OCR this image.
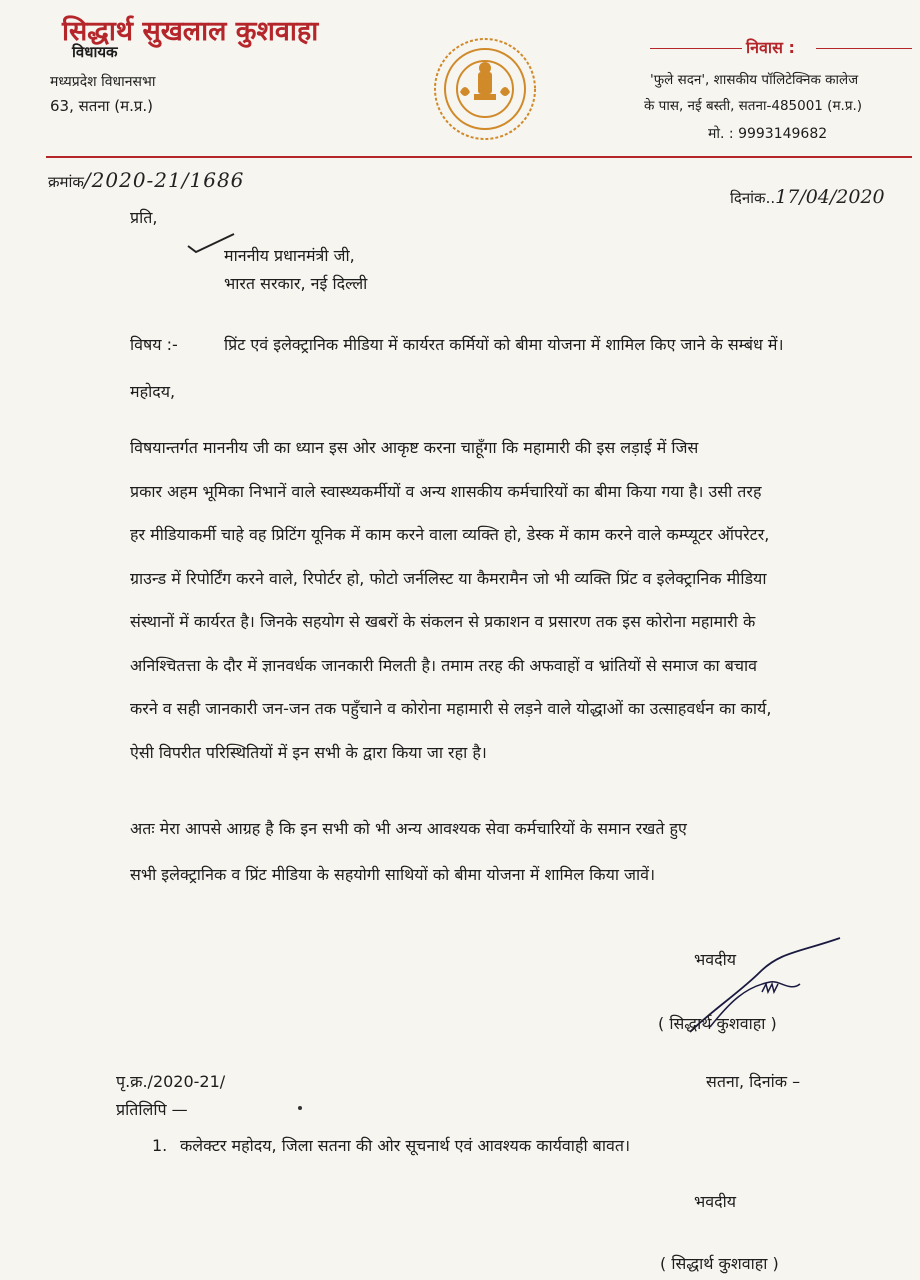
सिद्धार्थ सुखलाल कुशवाहा
विधायक
मध्यप्रदेश विधानसभा
63, सतना (म.प्र.)
निवास :
'फुले सदन', शासकीय पॉलिटेक्निक कालेज
के पास, नई बस्ती, सतना-485001 (म.प्र.)
मो. : 9993149682
क्रमांक/2020-21/1686
दिनांक..17/04/2020
प्रति,
माननीय प्रधानमंत्री जी,
भारत सरकार, नई दिल्ली
विषय :-	प्रिंट एवं इलेक्ट्रानिक मीडिया में कार्यरत कर्मियों को बीमा योजना में शामिल किए जाने के सम्बंध में।
महोदय,
विषयान्तर्गत माननीय जी का ध्यान इस ओर आकृष्ट करना चाहूँगा कि महामारी की इस लड़ाई में जिस
प्रकार अहम भूमिका निभानें वाले स्वास्थ्यकर्मीयों व अन्य शासकीय कर्मचारियों का बीमा किया गया है। उसी तरह
हर मीडियाकर्मी चाहे वह प्रिटिंग यूनिक में काम करने वाला व्यक्ति हो, डेस्क में काम करने वाले कम्प्यूटर ऑपरेटर,
ग्राउन्ड में रिपोर्टिंग करने वाले, रिपोर्टर हो, फोटो जर्नलिस्ट या कैमरामैन जो भी व्यक्ति प्रिंट व इलेक्ट्रानिक मीडिया
संस्थानों में कार्यरत है। जिनके सहयोग से खबरों के संकलन से प्रकाशन व प्रसारण तक इस कोरोना महामारी के
अनिश्चितत्ता के दौर में ज्ञानवर्धक जानकारी मिलती है। तमाम तरह की अफवाहों व भ्रांतियों से समाज का बचाव
करने व सही जानकारी जन-जन तक पहुँचाने व कोरोना महामारी से लड़ने वाले योद्धाओं का उत्साहवर्धन का कार्य,
ऐसी विपरीत परिस्थितियों में इन सभी के द्वारा किया जा रहा है।
अतः मेरा आपसे आग्रह है कि इन सभी को भी अन्य आवश्यक सेवा कर्मचारियों के समान रखते हुए
सभी इलेक्ट्रानिक व प्रिंट मीडिया के सहयोगी साथियों को बीमा योजना में शामिल किया जावें।
भवदीय
( सिद्धार्थ कुशवाहा )
पृ.क्र./2020-21/	सतना, दिनांक –
प्रतिलिपि —
1. कलेक्टर महोदय, जिला सतना की ओर सूचनार्थ एवं आवश्यक कार्यवाही बावत।
भवदीय
( सिद्धार्थ कुशवाहा )
